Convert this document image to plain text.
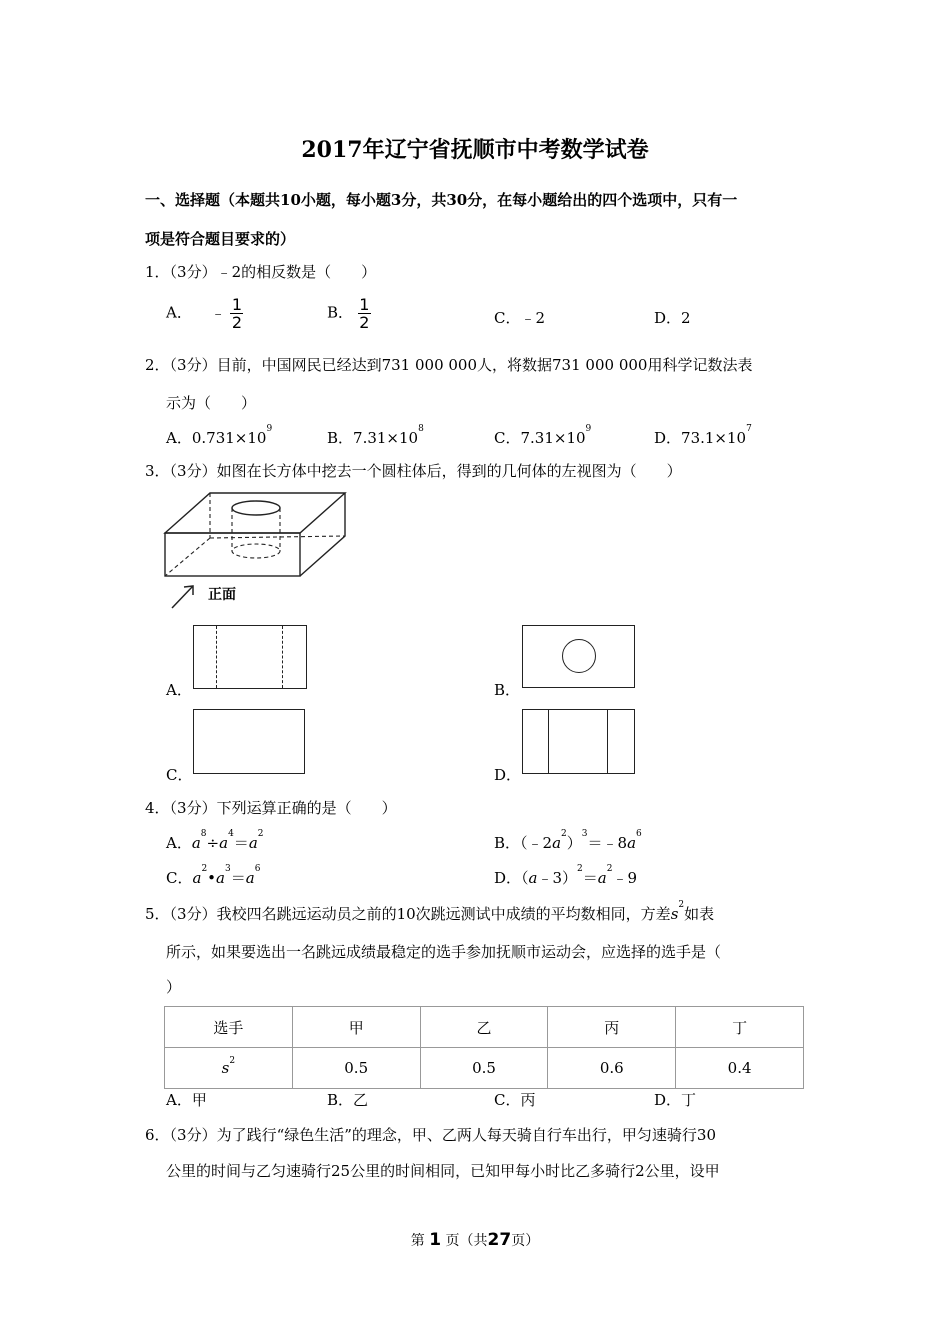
2017年辽宁省抚顺市中考数学试卷
一、选择题（本题共10小题，每小题3分，共30分，在每小题给出的四个选项中，只有一
项是符合题目要求的）
1．（3分）﹣2的相反数是（　　）
A． ﹣ $\frac{1}{2}$	B． $\frac{1}{2}$	C．﹣2	D．2
2．（3分）目前，中国网民已经达到731 000 000人，将数据731 000 000用科学记数法表
示为（　　）
A．$0.731\times 10^9$	B．$7.31\times 10^8$	C．$7.31\times 10^9$	D．$73.1\times 10^7$
3．（3分）如图在长方体中挖去一个圆柱体后，得到的几何体的左视图为（　　）
正面
A．	B．
C．	D．
4．（3分）下列运算正确的是（　　）
A．$a^8\div a^4=a^2$	B．$(﹣2a^2)^3=﹣8a^6$
C．$a^2•a^3=a^6$	D．$(a﹣3)^2=a^2﹣9$
5．（3分）我校四名跳远运动员之前的10次跳远测试中成绩的平均数相同，方差$s^2$如表
所示，如果要选出一名跳远成绩最稳定的选手参加抚顺市运动会，应选择的选手是（
）
选手	甲	乙	丙	丁
$s^2$	0.5	0.5	0.6	0.4
A．甲	B．乙	C．丙	D．丁
6．（3分）为了践行“绿色生活”的理念，甲、乙两人每天骑自行车出行，甲匀速骑行30
公里的时间与乙匀速骑行25公里的时间相同，已知甲每小时比乙多骑行2公里，设甲
第 1 页（共27页）
